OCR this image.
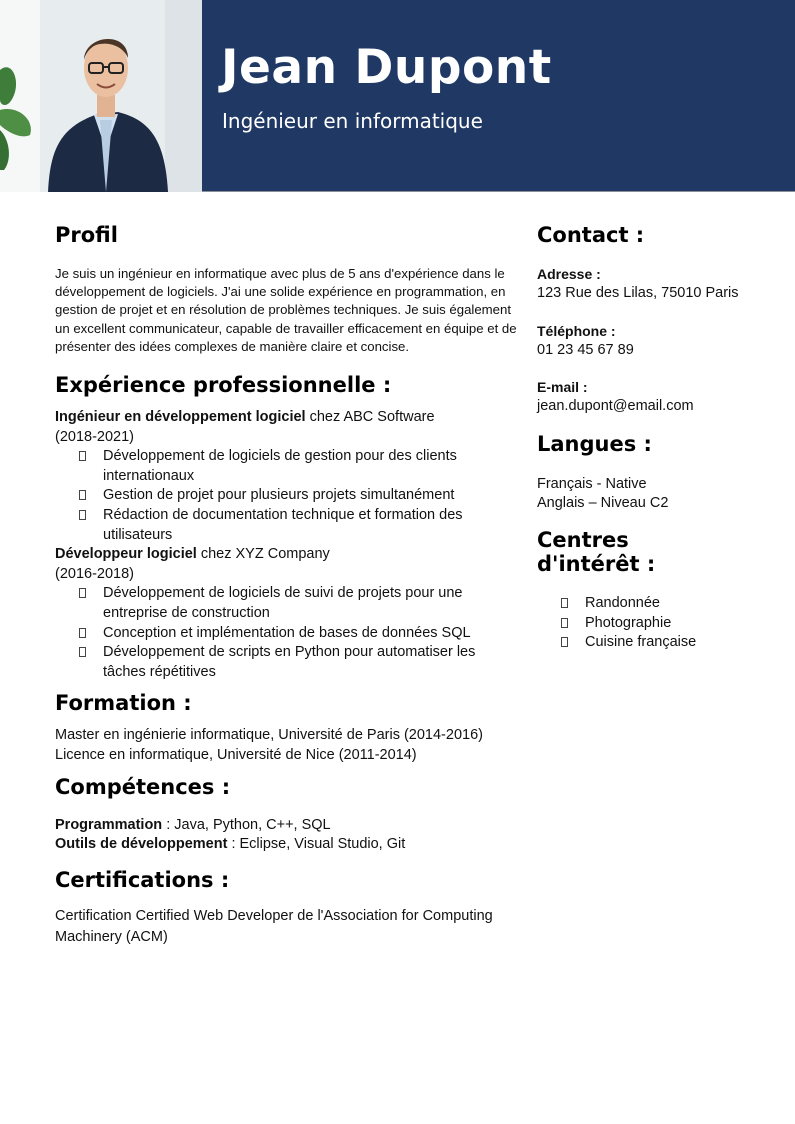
Jean Dupont
Ingénieur en informatique
Profil

Je suis un ingénieur en informatique avec plus de 5 ans d'expérience dans le développement de logiciels. J'ai une solide expérience en programmation, en gestion de projet et en résolution de problèmes techniques. Je suis également un excellent communicateur, capable de travailler efficacement en équipe et de présenter des idées complexes de manière claire et concise.

Expérience professionnelle :
Ingénieur en développement logiciel chez ABC Software
(2018-2021)
Développement de logiciels de gestion pour des clients internationaux
Gestion de projet pour plusieurs projets simultanément
Rédaction de documentation technique et formation des utilisateurs
Développeur logiciel chez XYZ Company
(2016-2018)
Développement de logiciels de suivi de projets pour une entreprise de construction
Conception et implémentation de bases de données SQL
Développement de scripts en Python pour automatiser les tâches répétitives
Formation :
Master en ingénierie informatique, Université de Paris (2014-2016)
Licence en informatique, Université de Nice (2011-2014)
Compétences :
Programmation : Java, Python, C++, SQL
Outils de développement : Eclipse, Visual Studio, Git
Certifications :

Certification Certified Web Developer de l'Association for Computing Machinery (ACM)

Contact :
Adresse :
123 Rue des Lilas, 75010 Paris
Téléphone :
01 23 45 67 89
E-mail :
jean.dupont@email.com
Langues :
Français - Native
Anglais – Niveau C2
Centres
d'intérêt :
Randonnée
Photographie
Cuisine française
